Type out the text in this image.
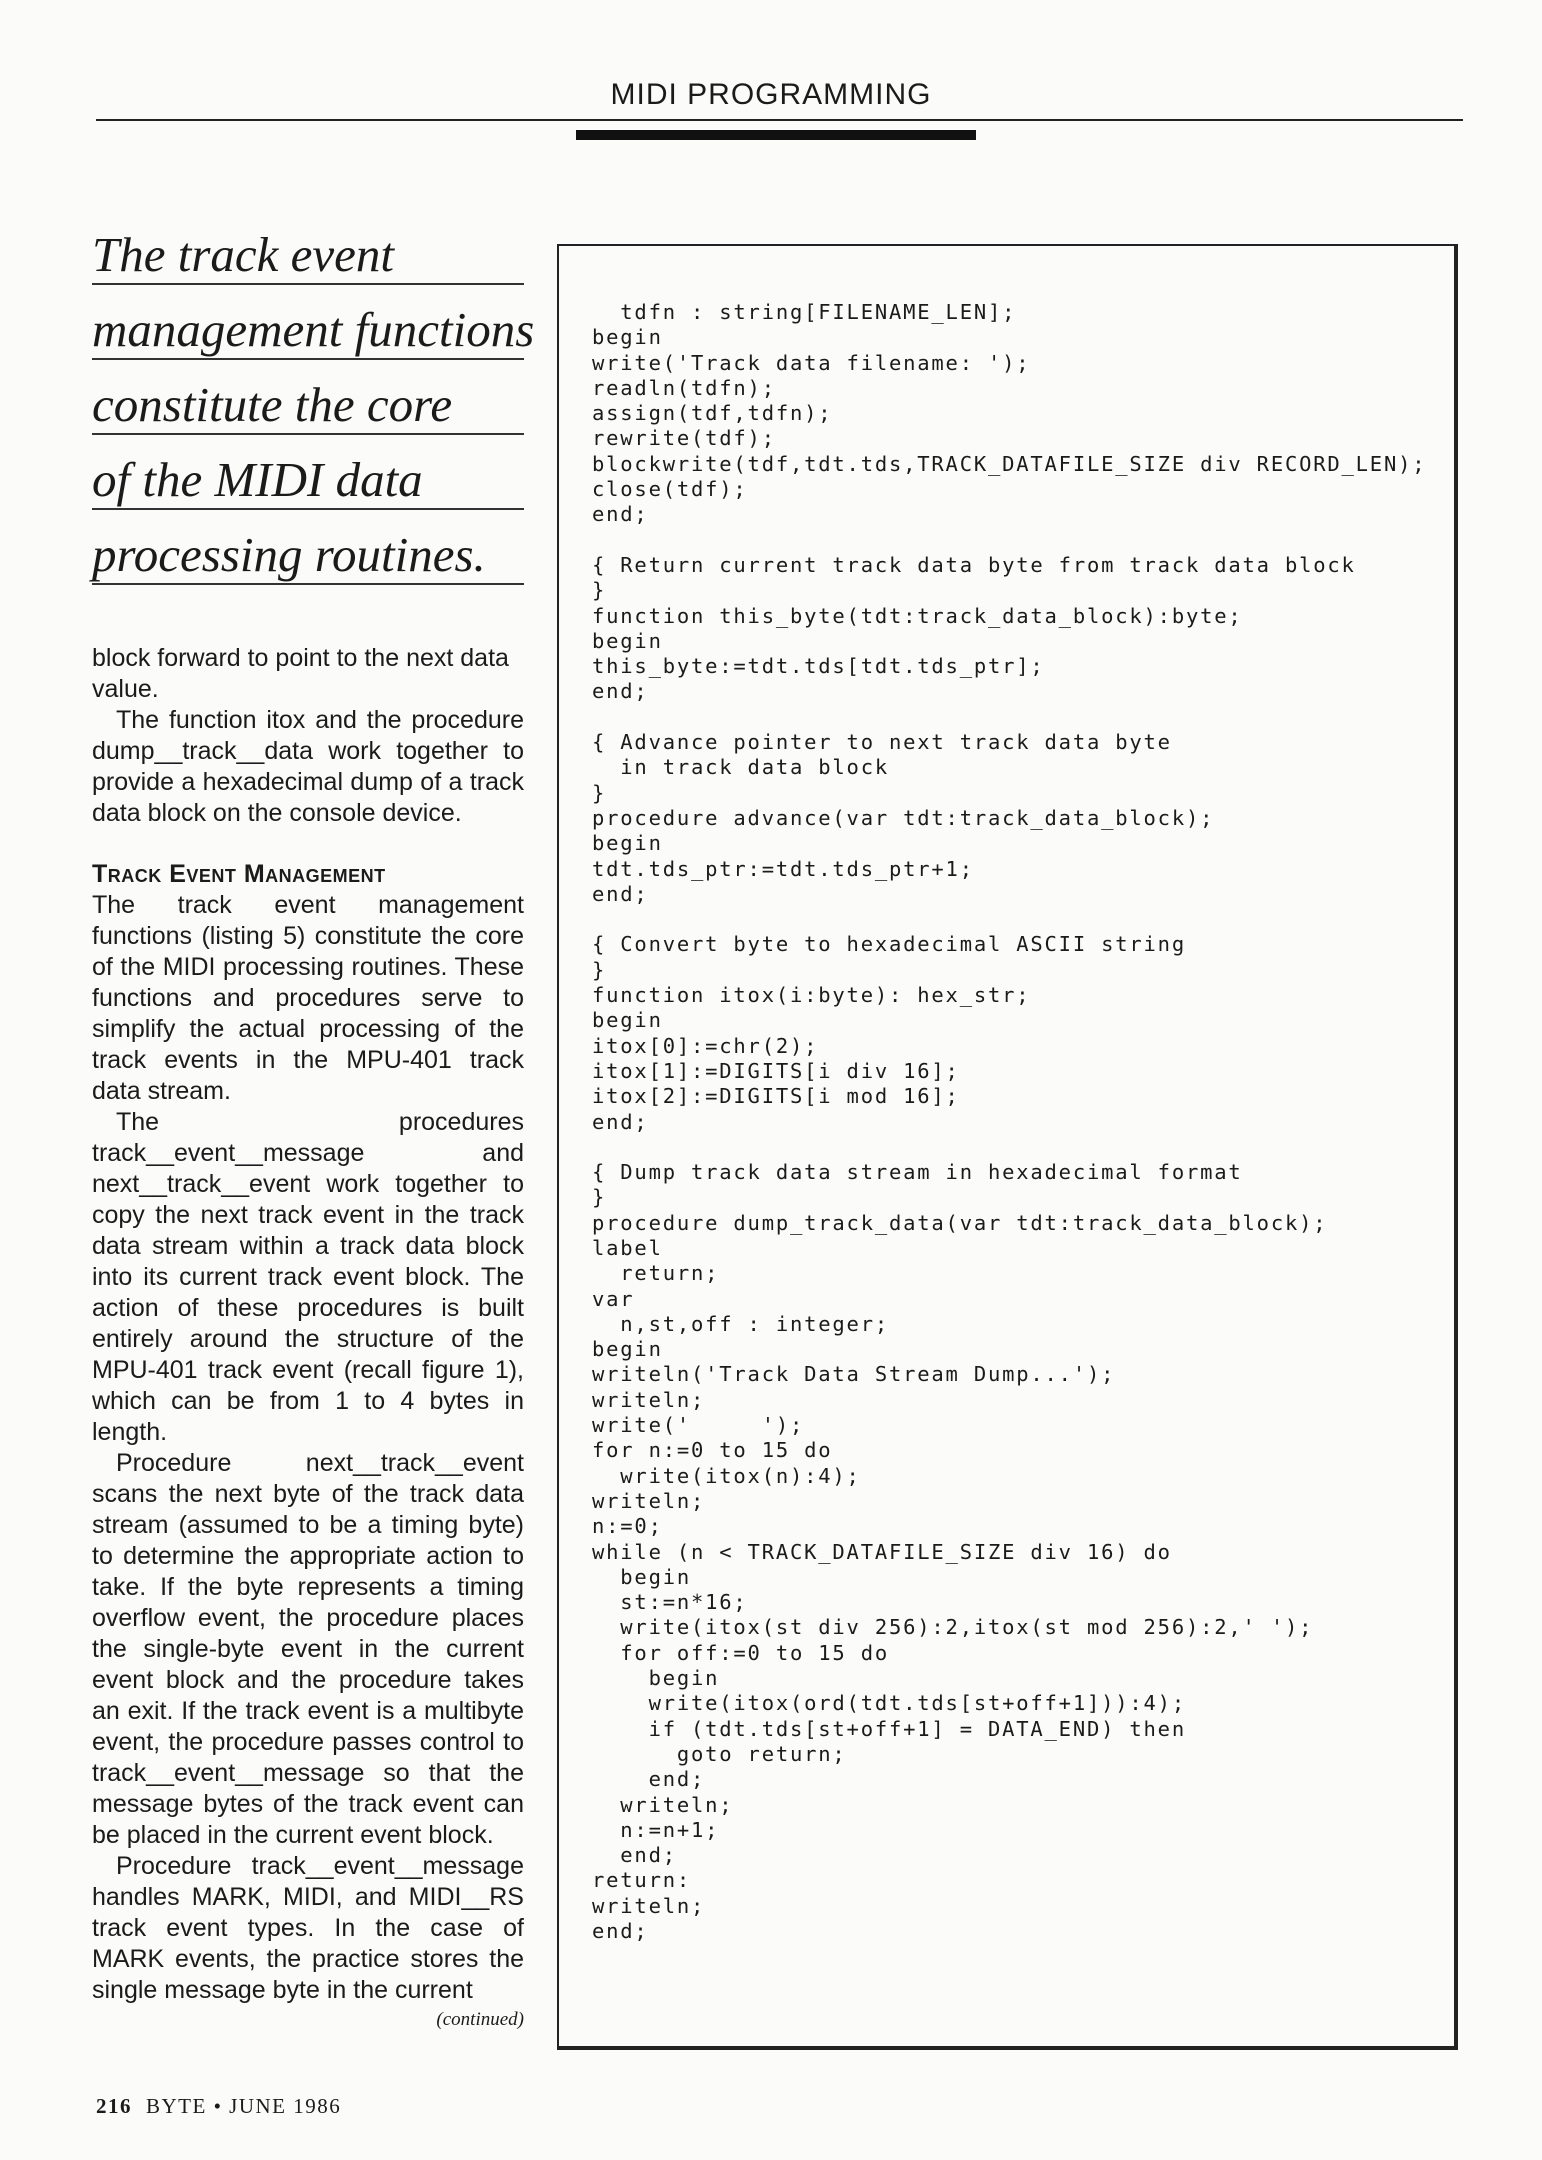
MIDI PROGRAMMING
The track event
management functions
constitute the core
of the MIDI data
processing routines.

block forward to point to the next data value.

The function itox and the procedure dump__track__data work together to provide a hexadecimal dump of a track data block on the console device.

Track Event Management

The track event management functions (listing 5) constitute the core of the MIDI processing routines. These functions and procedures serve to simplify the actual processing of the track events in the MPU-401 track data stream.

The procedures track__event__message and next__track__event work together to copy the next track event in the track data stream within a track data block into its current track event block. The action of these procedures is built entirely around the structure of the MPU-401 track event (recall figure 1), which can be from 1 to 4 bytes in length.

Procedure next__track__event scans the next byte of the track data stream (assumed to be a timing byte) to determine the appropriate action to take. If the byte represents a timing overflow event, the procedure places the single-byte event in the current event block and the procedure takes an exit. If the track event is a multibyte event, the procedure passes control to track__event__message so that the message bytes of the track event can be placed in the current event block.

Procedure track__event__message handles MARK, MIDI, and MIDI__RS track event types. In the case of MARK events, the practice stores the single message byte in the current

(continued)

tdfn : string[FILENAME_LEN];
begin
write('Track data filename: ');
readln(tdfn);
assign(tdf,tdfn);
rewrite(tdf);
blockwrite(tdf,tdt.tds,TRACK_DATAFILE_SIZE div RECORD_LEN);
close(tdf);
end;
{ Return current track data byte from track data block
}
function this_byte(tdt:track_data_block):byte;
begin
this_byte:=tdt.tds[tdt.tds_ptr];
end;
{ Advance pointer to next track data byte
in track data block
}
procedure advance(var tdt:track_data_block);
begin
tdt.tds_ptr:=tdt.tds_ptr+1;
end;
{ Convert byte to hexadecimal ASCII string
}
function itox(i:byte): hex_str;
begin
itox[0]:=chr(2);
itox[1]:=DIGITS[i div 16];
itox[2]:=DIGITS[i mod 16];
end;
{ Dump track data stream in hexadecimal format
}
procedure dump_track_data(var tdt:track_data_block);
label
return;
var
n,st,off : integer;
begin
writeln('Track Data Stream Dump...');
writeln;
write('     ');
for n:=0 to 15 do
write(itox(n):4);
writeln;
n:=0;
while (n < TRACK_DATAFILE_SIZE div 16) do
begin
st:=n*16;
write(itox(st div 256):2,itox(st mod 256):2,' ');
for off:=0 to 15 do
begin
write(itox(ord(tdt.tds[st+off+1])):4);
if (tdt.tds[st+off+1] = DATA_END) then
goto return;
end;
writeln;
n:=n+1;
end;
return:
writeln;
end;
216 BYTE • JUNE 1986
